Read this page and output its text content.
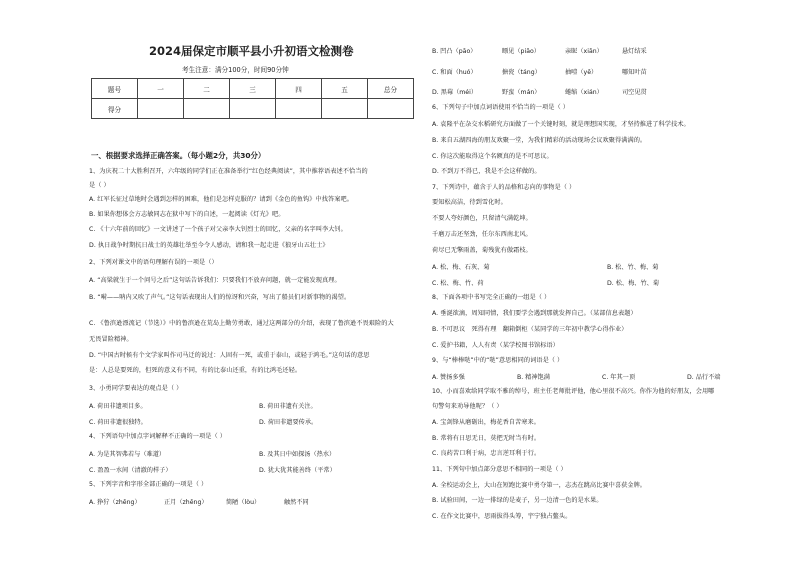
2024届保定市顺平县小升初语文检测卷
考生注意：满分100分，时间90分钟
题号	一	二	三	四	五	总分
得分						
一、根据要求选择正确答案。（每小题2分，共30分）
1、为庆祝二十大胜利召开，六年级的同学们正在准备举行“红色经典阅读”，其中推荐语表述不恰当的
是（ ）
A. 红军长征过草地时会遇到怎样的困难，他们是怎样克服的？请到《金色的鱼钩》中找答案吧。
B. 如果你想体会方志敏同志在狱中写下的自述，一起阅读《灯光》吧。
C. 《十六年前的回忆》一文讲述了一个孩子对父亲李大钊烈士的回忆，父亲的名字叫李大钊。
D. 执日战争时期抗日战士的英雄壮举至今令人感动，请和我一起走进《狼牙山五壮士》
2、下列对课文中的语句理解有误的一项是（）
A. “高粱就生于一个问号之后”这句话告诉我们：只要我们不放弃问题，就一定能发现真理。
B. “嗬——呐内又吹了声气。”这句话表现出人们的惊讶和兴奋，写出了船员们对新事物的渴望。
C. 《鲁滨逊漂流记（节选）》中的鲁滨逊在荒岛上勤劳勇敢，通过这两部分的介绍，表现了鲁滨逊不畏艰险的大
无畏冒险精神。
D. “中国古时候有个文学家叫作司马迁的说过：人固有一死，或重于泰山，或轻于鸿毛。”这句话的意思
是：人总是要死的，但死的意义有不同，有的比泰山还重，有的比鸿毛还轻。
3、小勇同学要表达的观点是（ ）
A. 荷田非遗项目多。	B. 荷田非遗有关注。
C. 荷田非遗很独特。	D. 荷田非遗要传承。
4、下列语句中加点字词解释不正确的一项是（ ）
A. 为是其智弗若与（难道）	B. 及其日中如探汤（热水）
C. 盈盈一水间（清澈的样子）	D. 犹大犹其能善终（平常）
5、下列字音和字形全部正确的一项是（ ）
A. 狰狞（zhēng）	正月（zhēng）	简陋（lòu）	触然不同
B. 凹凸（pāo）	瞟见（piāo）	亲昵（xiān）	悬灯结采
C. 和面（huó）	搪瓷（táng）	抽噎（yē）	哪知叶苗
D. 黑莓（méi）	野蛮（mán）	蜷缩（xián）	司空见贯
6、下列句子中加点词语使用不恰当的一项是（ ）
A. 袁隆平在杂交水稻研究方面做了一个关键时刻，就是理想国实现，才坚持推进了科学技术。
B. 来自五湖四海的朋友欢聚一堂，为我们精彩的活动现场会议欢聚得满满的。
C. 你这次能取得这个名额真的是不可思议。
D. 不到万不得已，我是不会这样做的。
7、下列诗中，蕴含于人的品格和志向的事物是（ ）
要知松高洁，待到雪化时。
不要人夸好颜色，只留清气满乾坤。
千磨万击还坚劲，任尔东西南北风。
荷尽已无擎雨盖，菊残犹有傲霜枝。
A. 松、梅、石灰、菊	B. 松、竹、梅、菊
C. 松、梅、竹、荷	D. 松、梅、竹、菊
8、下面各项中书写完全正确的一组是（ ）
A. 垂涎欲滴，周知同情，我们要学会遇到那就发挥自己。（某部信息表题）
B. 不可思议　死得有理　翻箱倒柜（某同学的三年初中教学心得作业）
C. 爱护书籍，人人有责（某学校图书馆标语）
9、与“棒棒哒”中的“哒”意思相同的词语是（ ）
A. 赞扬多强	B. 精神饱满	C. 年其一顶	D. 品行不端
10、小而喜欢给同学取不雅的绰号，班主任老师批评他，他心里很不高兴。你作为他的好朋友，会用哪
句警句来劝导他呢？（ ）
A. 宝剑锋从磨砺出，梅花香自苦寒来。
B. 常将有日思无日，莫把无时当有时。
C. 良药苦口利于病，忠言逆耳利于行。
11、下列句中加点部分意思不相同的一项是（ ）
A. 全校运动会上，大山在短跑比赛中勇夺第一，志杰在跳高比赛中喜获金牌。
B. 试验田间，一边一排绿的是麦子，另一边清一色的是水果。
C. 在作文比赛中，思雨拔得头筹，宇宁独占鳌头。
